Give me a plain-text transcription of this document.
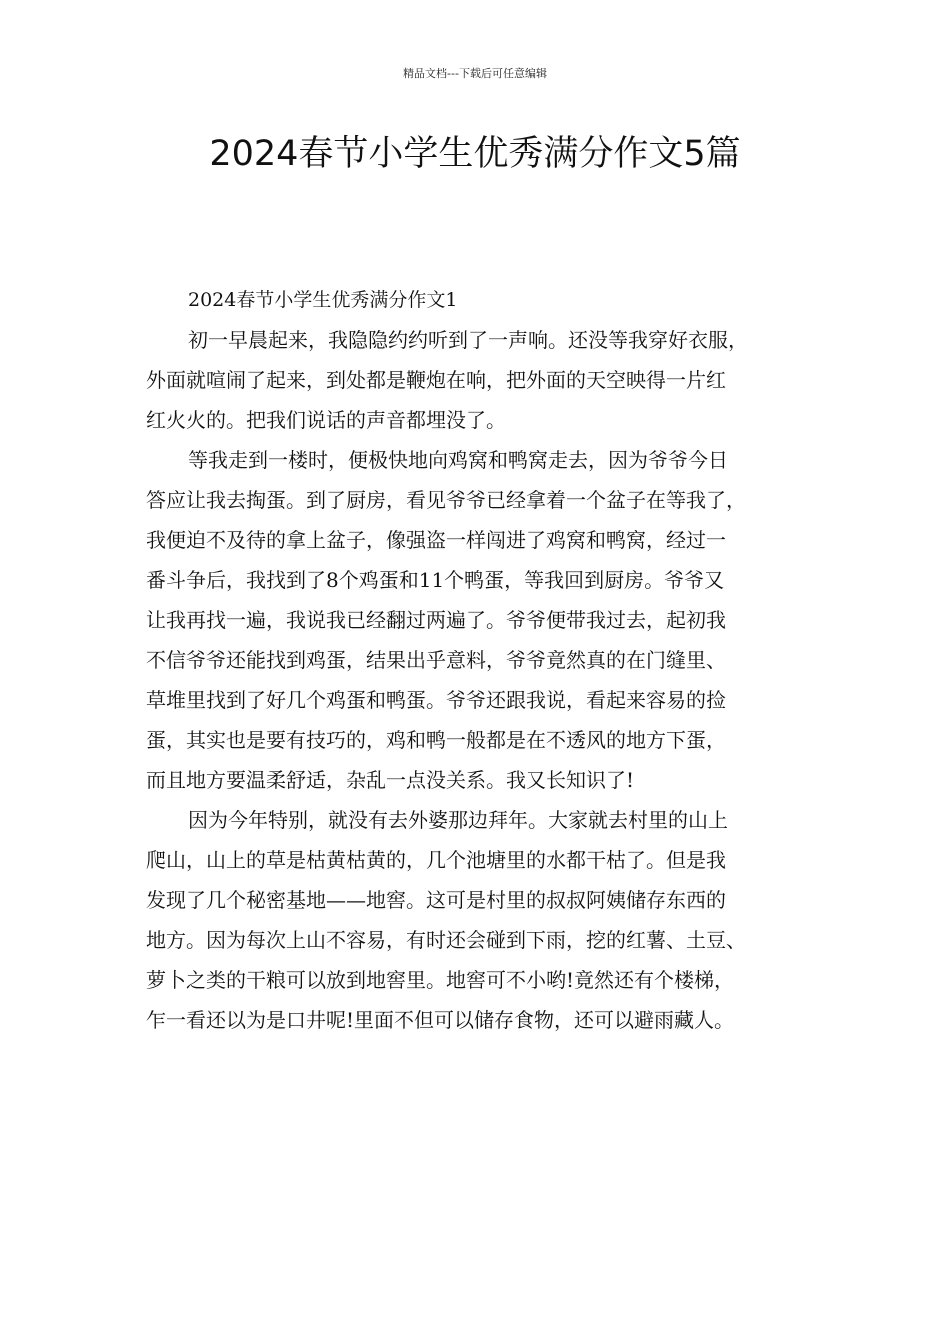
精品文档---下载后可任意编辑
2024春节小学生优秀满分作文5篇
2024春节小学生优秀满分作文1
初一早晨起来，我隐隐约约听到了一声响。还没等我穿好衣服，
外面就喧闹了起来，到处都是鞭炮在响，把外面的天空映得一片红
红火火的。把我们说话的声音都埋没了。
等我走到一楼时，便极快地向鸡窝和鸭窝走去，因为爷爷今日
答应让我去掏蛋。到了厨房，看见爷爷已经拿着一个盆子在等我了，
我便迫不及待的拿上盆子，像强盗一样闯进了鸡窝和鸭窝，经过一
番斗争后，我找到了8个鸡蛋和11个鸭蛋，等我回到厨房。爷爷又
让我再找一遍，我说我已经翻过两遍了。爷爷便带我过去，起初我
不信爷爷还能找到鸡蛋，结果出乎意料，爷爷竟然真的在门缝里、
草堆里找到了好几个鸡蛋和鸭蛋。爷爷还跟我说，看起来容易的捡
蛋，其实也是要有技巧的，鸡和鸭一般都是在不透风的地方下蛋，
而且地方要温柔舒适，杂乱一点没关系。我又长知识了!
因为今年特别，就没有去外婆那边拜年。大家就去村里的山上
爬山，山上的草是枯黄枯黄的，几个池塘里的水都干枯了。但是我
发现了几个秘密基地——地窖。这可是村里的叔叔阿姨储存东西的
地方。因为每次上山不容易，有时还会碰到下雨，挖的红薯、土豆、
萝卜之类的干粮可以放到地窖里。地窖可不小哟!竟然还有个楼梯，
乍一看还以为是口井呢!里面不但可以储存食物，还可以避雨藏人。
